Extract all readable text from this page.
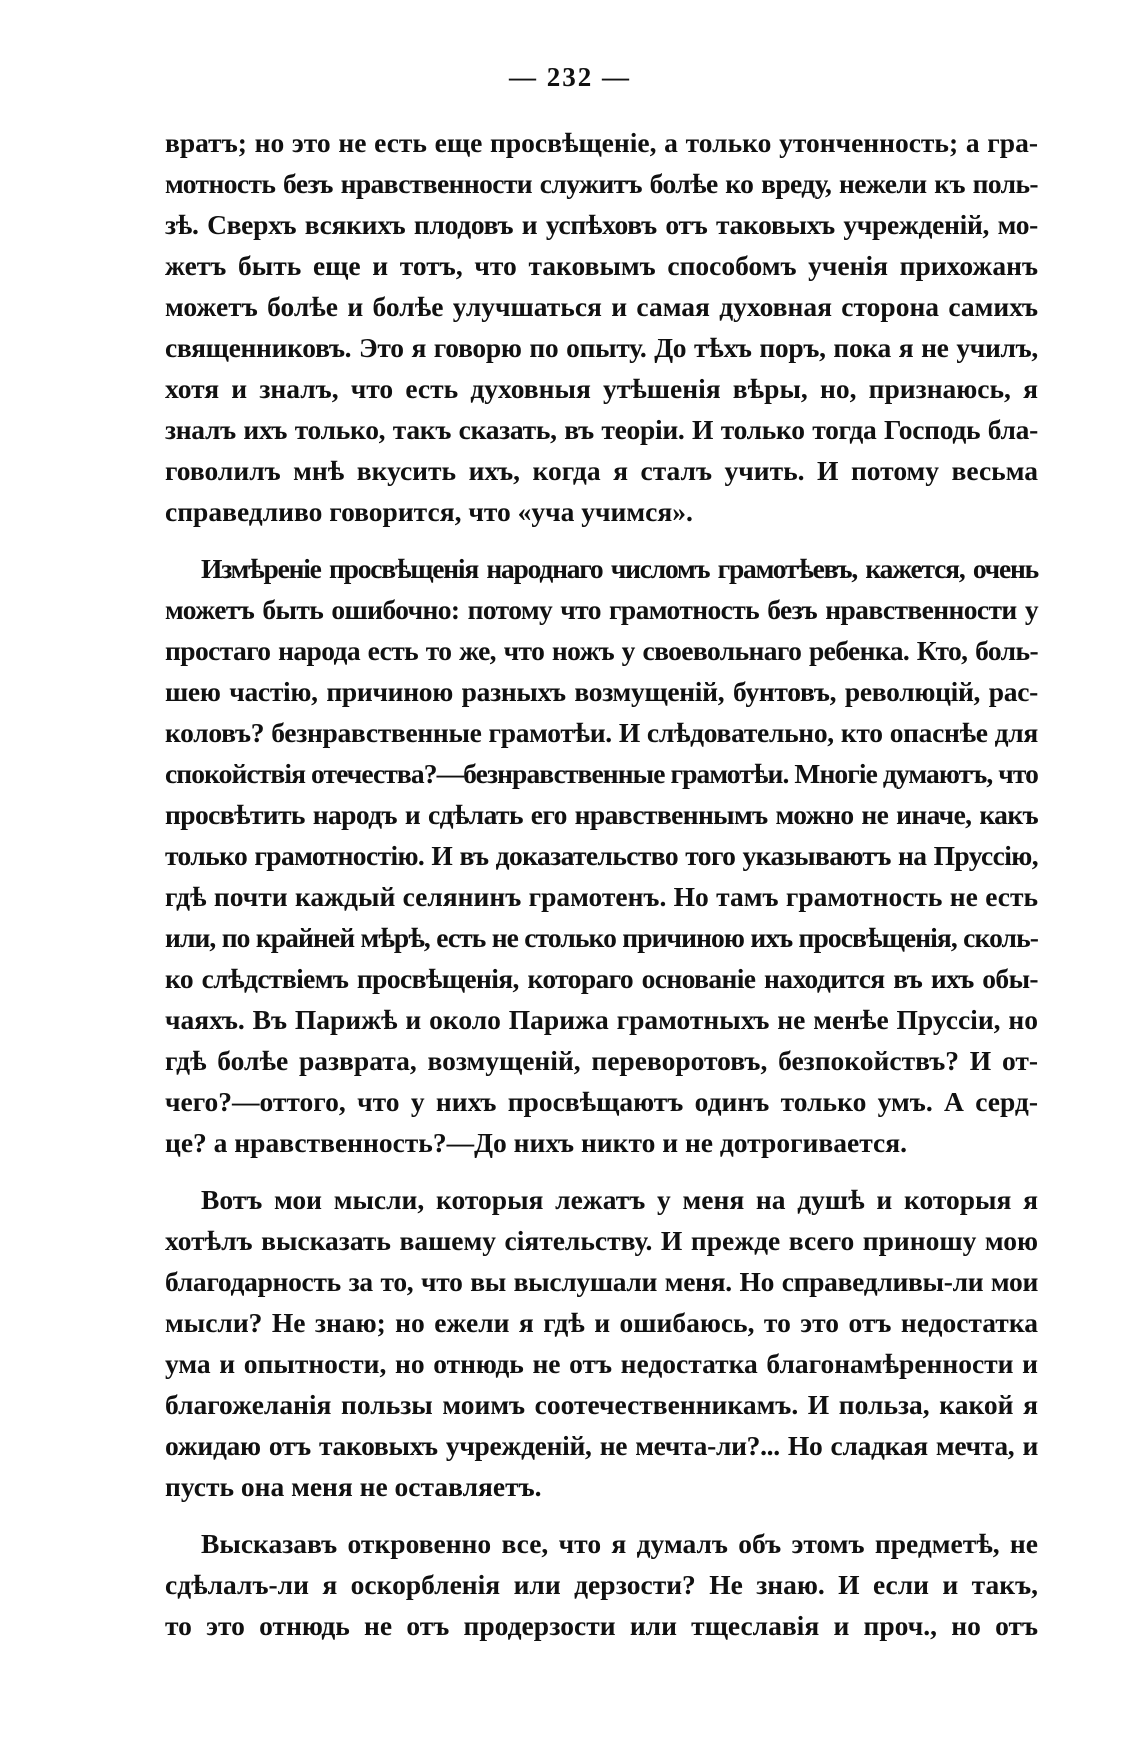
— 232 —
вратъ; но это не есть еще просвѣщеніе, а только утонченность; а гра-
мотность безъ нравственности служитъ болѣе ко вреду, нежели къ поль-
зѣ. Сверхъ всякихъ плодовъ и успѣховъ отъ таковыхъ учрежденій, мо-
жетъ быть еще и тотъ, что таковымъ способомъ ученія прихожанъ
можетъ болѣе и болѣе улучшаться и самая духовная сторона самихъ
священниковъ. Это я говорю по опыту. До тѣхъ поръ, пока я не училъ,
хотя и зналъ, что есть духовныя утѣшенія вѣры, но, признаюсь, я
зналъ ихъ только, такъ сказать, въ теоріи. И только тогда Господь бла-
говолилъ мнѣ вкусить ихъ, когда я сталъ учить. И потому весьма
справедливо говорится, что «уча учимся».
Измѣреніе просвѣщенія народнаго числомъ грамотѣевъ, кажется, очень
можетъ быть ошибочно: потому что грамотность безъ нравственности у
простаго народа есть то же, что ножъ у своевольнаго ребенка. Кто, боль-
шею частію, причиною разныхъ возмущеній, бунтовъ, революцій, рас-
коловъ? безнравственные грамотѣи. И слѣдовательно, кто опаснѣе для
спокойствія отечества?—безнравственные грамотѣи. Многіе думаютъ, что
просвѣтить народъ и сдѣлать его нравственнымъ можно не иначе, какъ
только грамотностію. И въ доказательство того указываютъ на Пруссію,
гдѣ почти каждый селянинъ грамотенъ. Но тамъ грамотность не есть
или, по крайней мѣрѣ, есть не столько причиною ихъ просвѣщенія, сколь-
ко слѣдствіемъ просвѣщенія, котораго основаніе находится въ ихъ обы-
чаяхъ. Въ Парижѣ и около Парижа грамотныхъ не менѣе Пруссіи, но
гдѣ болѣе разврата, возмущеній, переворотовъ, безпокойствъ? И от-
чего?—оттого, что у нихъ просвѣщаютъ одинъ только умъ. А серд-
це? а нравственность?—До нихъ никто и не дотрогивается.
Вотъ мои мысли, которыя лежатъ у меня на душѣ и которыя я
хотѣлъ высказать вашему сіятельству. И прежде всего приношу мою
благодарность за то, что вы выслушали меня. Но справедливы-ли мои
мысли? Не знаю; но ежели я гдѣ и ошибаюсь, то это отъ недостатка
ума и опытности, но отнюдь не отъ недостатка благонамѣренности и
благожеланія пользы моимъ соотечественникамъ. И польза, какой я
ожидаю отъ таковыхъ учрежденій, не мечта-ли?... Но сладкая мечта, и
пусть она меня не оставляетъ.
Высказавъ откровенно все, что я думалъ объ этомъ предметѣ, не
сдѣлалъ-ли я оскорбленія или дерзости? Не знаю. И если и такъ,
то это отнюдь не отъ продерзости или тщеславія и проч., но отъ
